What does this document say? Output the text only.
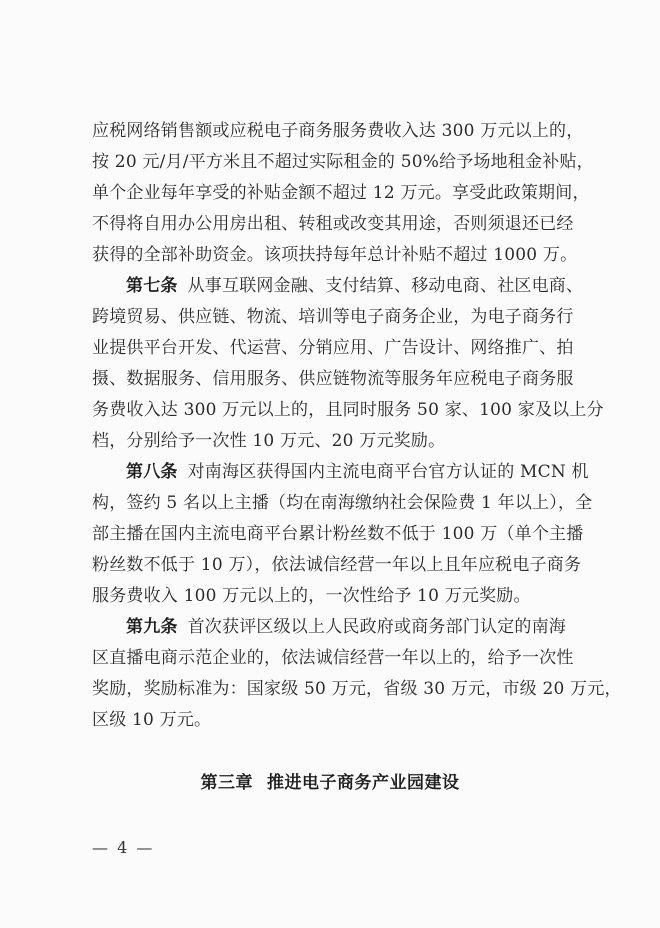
应税网络销售额或应税电子商务服务费收入达 300 万元以上的，
按 20 元/月/平方米且不超过实际租金的 50%给予场地租金补贴，
单个企业每年享受的补贴金额不超过 12 万元。享受此政策期间，
不得将自用办公用房出租、转租或改变其用途，否则须退还已经
获得的全部补助资金。该项扶持每年总计补贴不超过 1000 万。
第七条 从事互联网金融、支付结算、移动电商、社区电商、
跨境贸易、供应链、物流、培训等电子商务企业，为电子商务行
业提供平台开发、代运营、分销应用、广告设计、网络推广、拍
摄、数据服务、信用服务、供应链物流等服务年应税电子商务服
务费收入达 300 万元以上的，且同时服务 50 家、100 家及以上分
档，分别给予一次性 10 万元、20 万元奖励。
第八条 对南海区获得国内主流电商平台官方认证的 MCN 机
构，签约 5 名以上主播（均在南海缴纳社会保险费 1 年以上），全
部主播在国内主流电商平台累计粉丝数不低于 100 万（单个主播
粉丝数不低于 10 万），依法诚信经营一年以上且年应税电子商务
服务费收入 100 万元以上的，一次性给予 10 万元奖励。
第九条 首次获评区级以上人民政府或商务部门认定的南海
区直播电商示范企业的，依法诚信经营一年以上的，给予一次性
奖励，奖励标准为：国家级 50 万元，省级 30 万元，市级 20 万元，
区级 10 万元。
第三章 推进电子商务产业园建设
— 4 —
